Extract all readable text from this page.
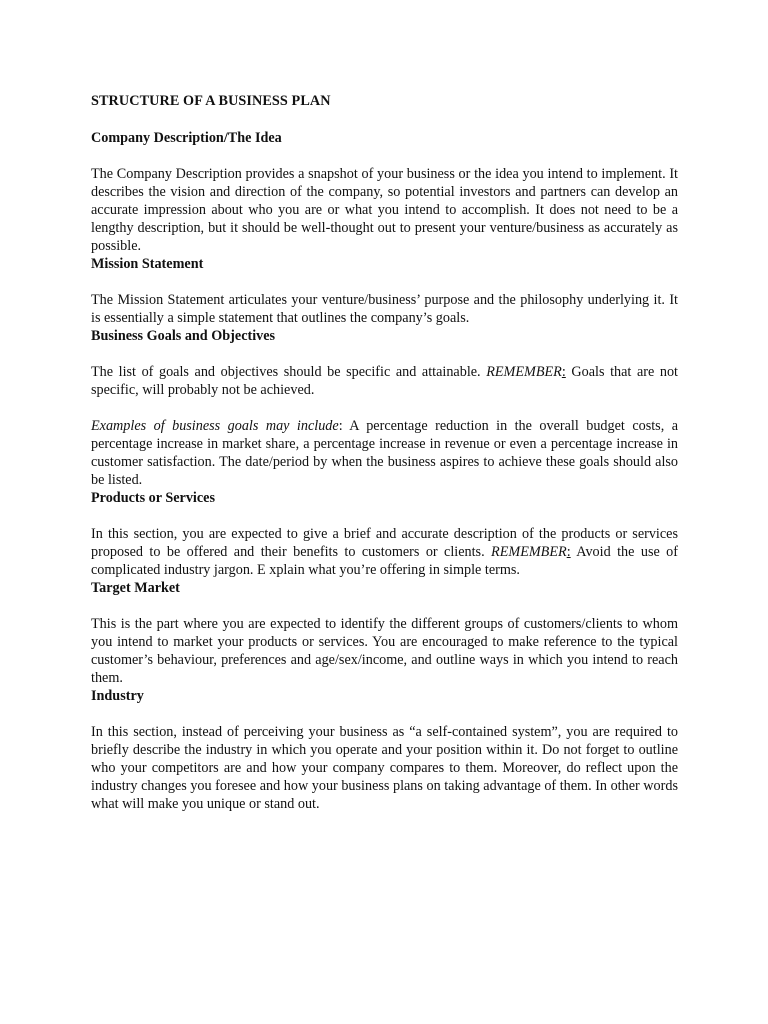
STRUCTURE OF A BUSINESS PLAN
Company Description/The Idea

The Company Description provides a snapshot of your business or the idea you intend to implement. It describes the vision and direction of the company, so potential investors and partners can develop an accurate impression about who you are or what you intend to accomplish. It does not need to be a lengthy description, but it should be well-thought out to present your venture/business as accurately as possible.

Mission Statement

The Mission Statement articulates your venture/business’ purpose and the philosophy underlying it. It is essentially a simple statement that outlines the company’s goals.

Business Goals and Objectives

The list of goals and objectives should be specific and attainable. REMEMBER: Goals that are not specific, will probably not be achieved.

Examples of business goals may include: A percentage reduction in the overall budget costs, a percentage increase in market share, a percentage increase in revenue or even a percentage increase in customer satisfaction. The date/period by when the business aspires to achieve these goals should also be listed.

Products or Services

In this section, you are expected to give a brief and accurate description of the products or services proposed to be offered and their benefits to customers or clients. REMEMBER: Avoid the use of complicated industry jargon. E xplain what you’re offering in simple terms.

Target Market

This is the part where you are expected to identify the different groups of customers/clients to whom you intend to market your products or services. You are encouraged to make reference to the typical customer’s behaviour, preferences and age/sex/income, and outline ways in which you intend to reach them.

Industry

In this section, instead of perceiving your business as “a self-contained system”, you are required to briefly describe the industry in which you operate and your position within it. Do not forget to outline who your competitors are and how your company compares to them. Moreover, do reflect upon the industry changes you foresee and how your business plans on taking advantage of them. In other words what will make you unique or stand out.
